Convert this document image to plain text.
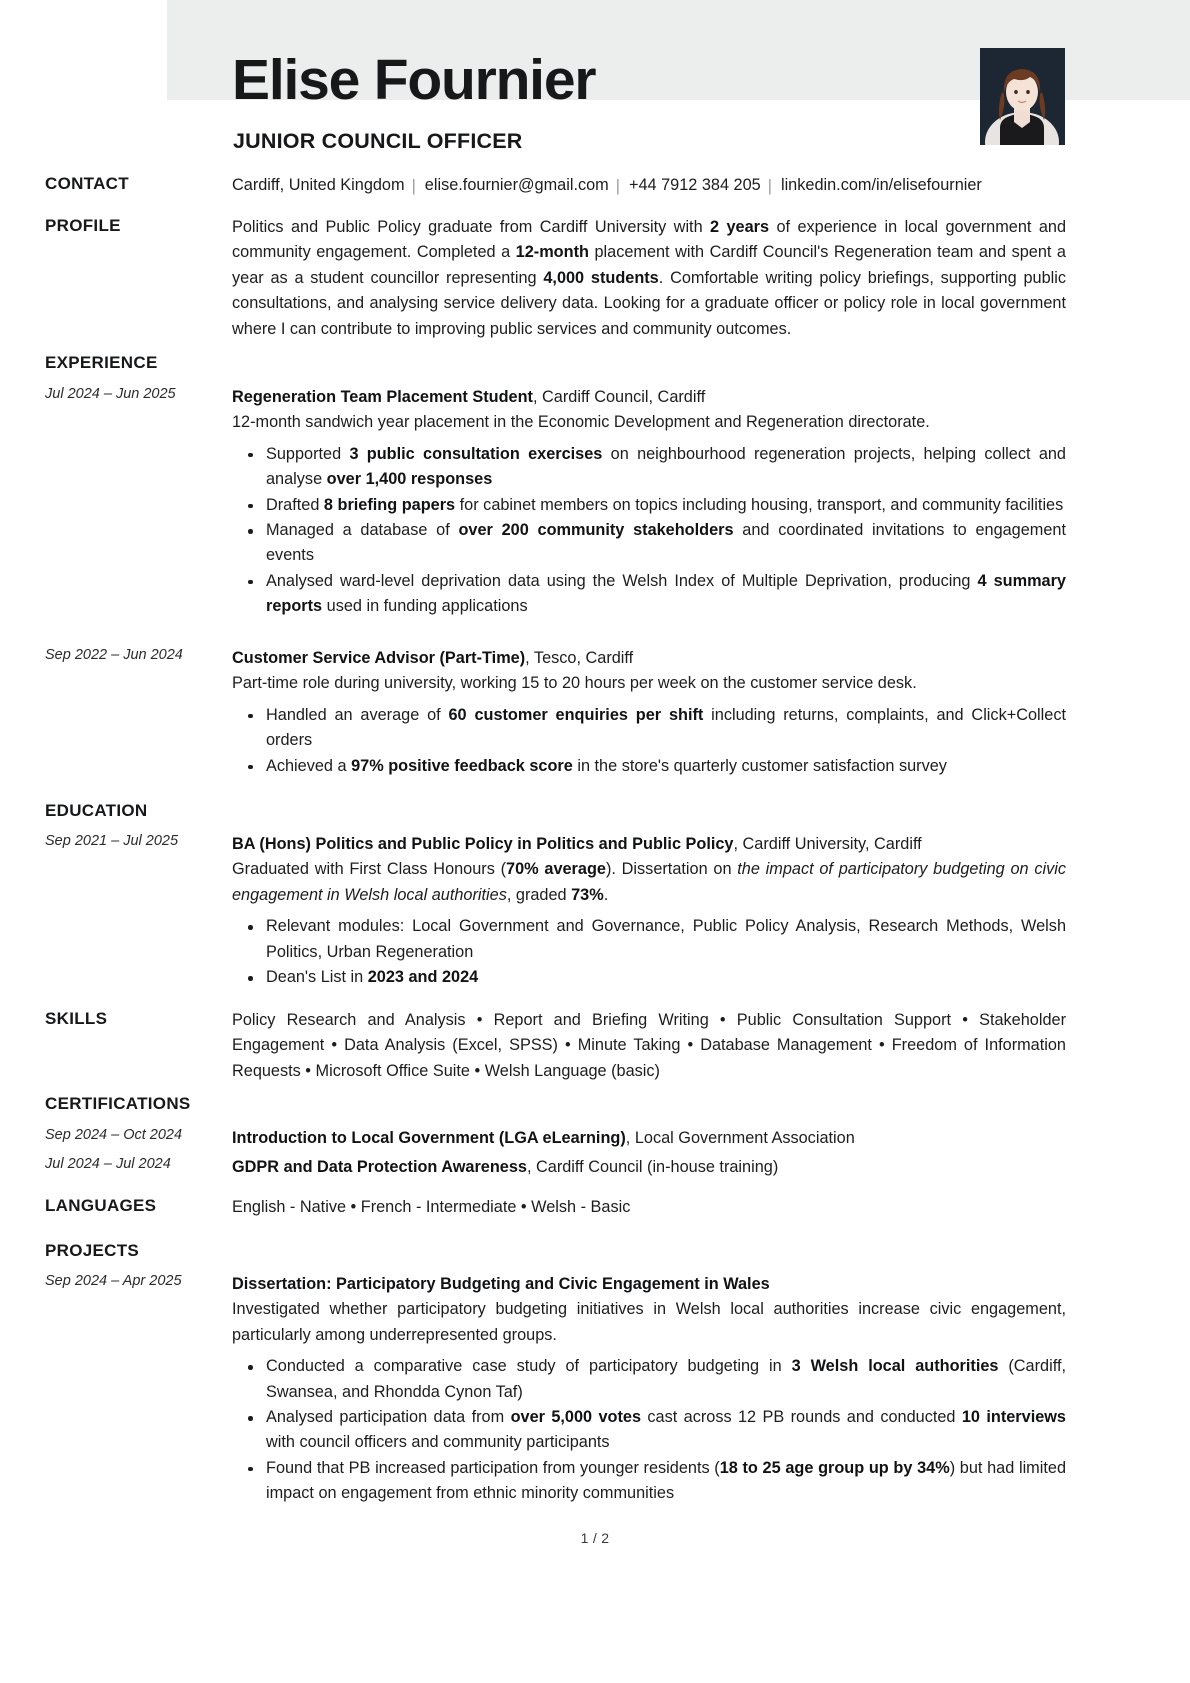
Elise Fournier
JUNIOR COUNCIL OFFICER
CONTACT	Cardiff, United Kingdom | elise.fournier@gmail.com | +44 7912 384 205 | linkedin.com/in/elisefournier
PROFILE	Politics and Public Policy graduate from Cardiff University with 2 years of experience in local government and community engagement. Completed a 12-month placement with Cardiff Council's Regeneration team and spent a year as a student councillor representing 4,000 students. Comfortable writing policy briefings, supporting public consultations, and analysing service delivery data. Looking for a graduate officer or policy role in local government where I can contribute to improving public services and community outcomes.
EXPERIENCE
Jul 2024 – Jun 2025	Regeneration Team Placement Student, Cardiff Council, Cardiff
12-month sandwich year placement in the Economic Development and Regeneration directorate.
Supported 3 public consultation exercises on neighbourhood regeneration projects, helping collect and analyse over 1,400 responses
Drafted 8 briefing papers for cabinet members on topics including housing, transport, and community facilities
Managed a database of over 200 community stakeholders and coordinated invitations to engagement events
Analysed ward-level deprivation data using the Welsh Index of Multiple Deprivation, producing 4 summary reports used in funding applications
Sep 2022 – Jun 2024	Customer Service Advisor (Part-Time), Tesco, Cardiff
Part-time role during university, working 15 to 20 hours per week on the customer service desk.
Handled an average of 60 customer enquiries per shift including returns, complaints, and Click+Collect orders
Achieved a 97% positive feedback score in the store's quarterly customer satisfaction survey
EDUCATION
Sep 2021 – Jul 2025	BA (Hons) Politics and Public Policy in Politics and Public Policy, Cardiff University, Cardiff
Graduated with First Class Honours (70% average). Dissertation on the impact of participatory budgeting on civic engagement in Welsh local authorities, graded 73%.
Relevant modules: Local Government and Governance, Public Policy Analysis, Research Methods, Welsh Politics, Urban Regeneration
Dean's List in 2023 and 2024
SKILLS	Policy Research and Analysis • Report and Briefing Writing • Public Consultation Support • Stakeholder Engagement • Data Analysis (Excel, SPSS) • Minute Taking • Database Management • Freedom of Information Requests • Microsoft Office Suite • Welsh Language (basic)
CERTIFICATIONS
Sep 2024 – Oct 2024	Introduction to Local Government (LGA eLearning), Local Government Association
Jul 2024 – Jul 2024	GDPR and Data Protection Awareness, Cardiff Council (in-house training)
LANGUAGES	English - Native • French - Intermediate • Welsh - Basic
PROJECTS
Sep 2024 – Apr 2025	Dissertation: Participatory Budgeting and Civic Engagement in Wales
Investigated whether participatory budgeting initiatives in Welsh local authorities increase civic engagement, particularly among underrepresented groups.
Conducted a comparative case study of participatory budgeting in 3 Welsh local authorities (Cardiff, Swansea, and Rhondda Cynon Taf)
Analysed participation data from over 5,000 votes cast across 12 PB rounds and conducted 10 interviews with council officers and community participants
Found that PB increased participation from younger residents (18 to 25 age group up by 34%) but had limited impact on engagement from ethnic minority communities
1 / 2
